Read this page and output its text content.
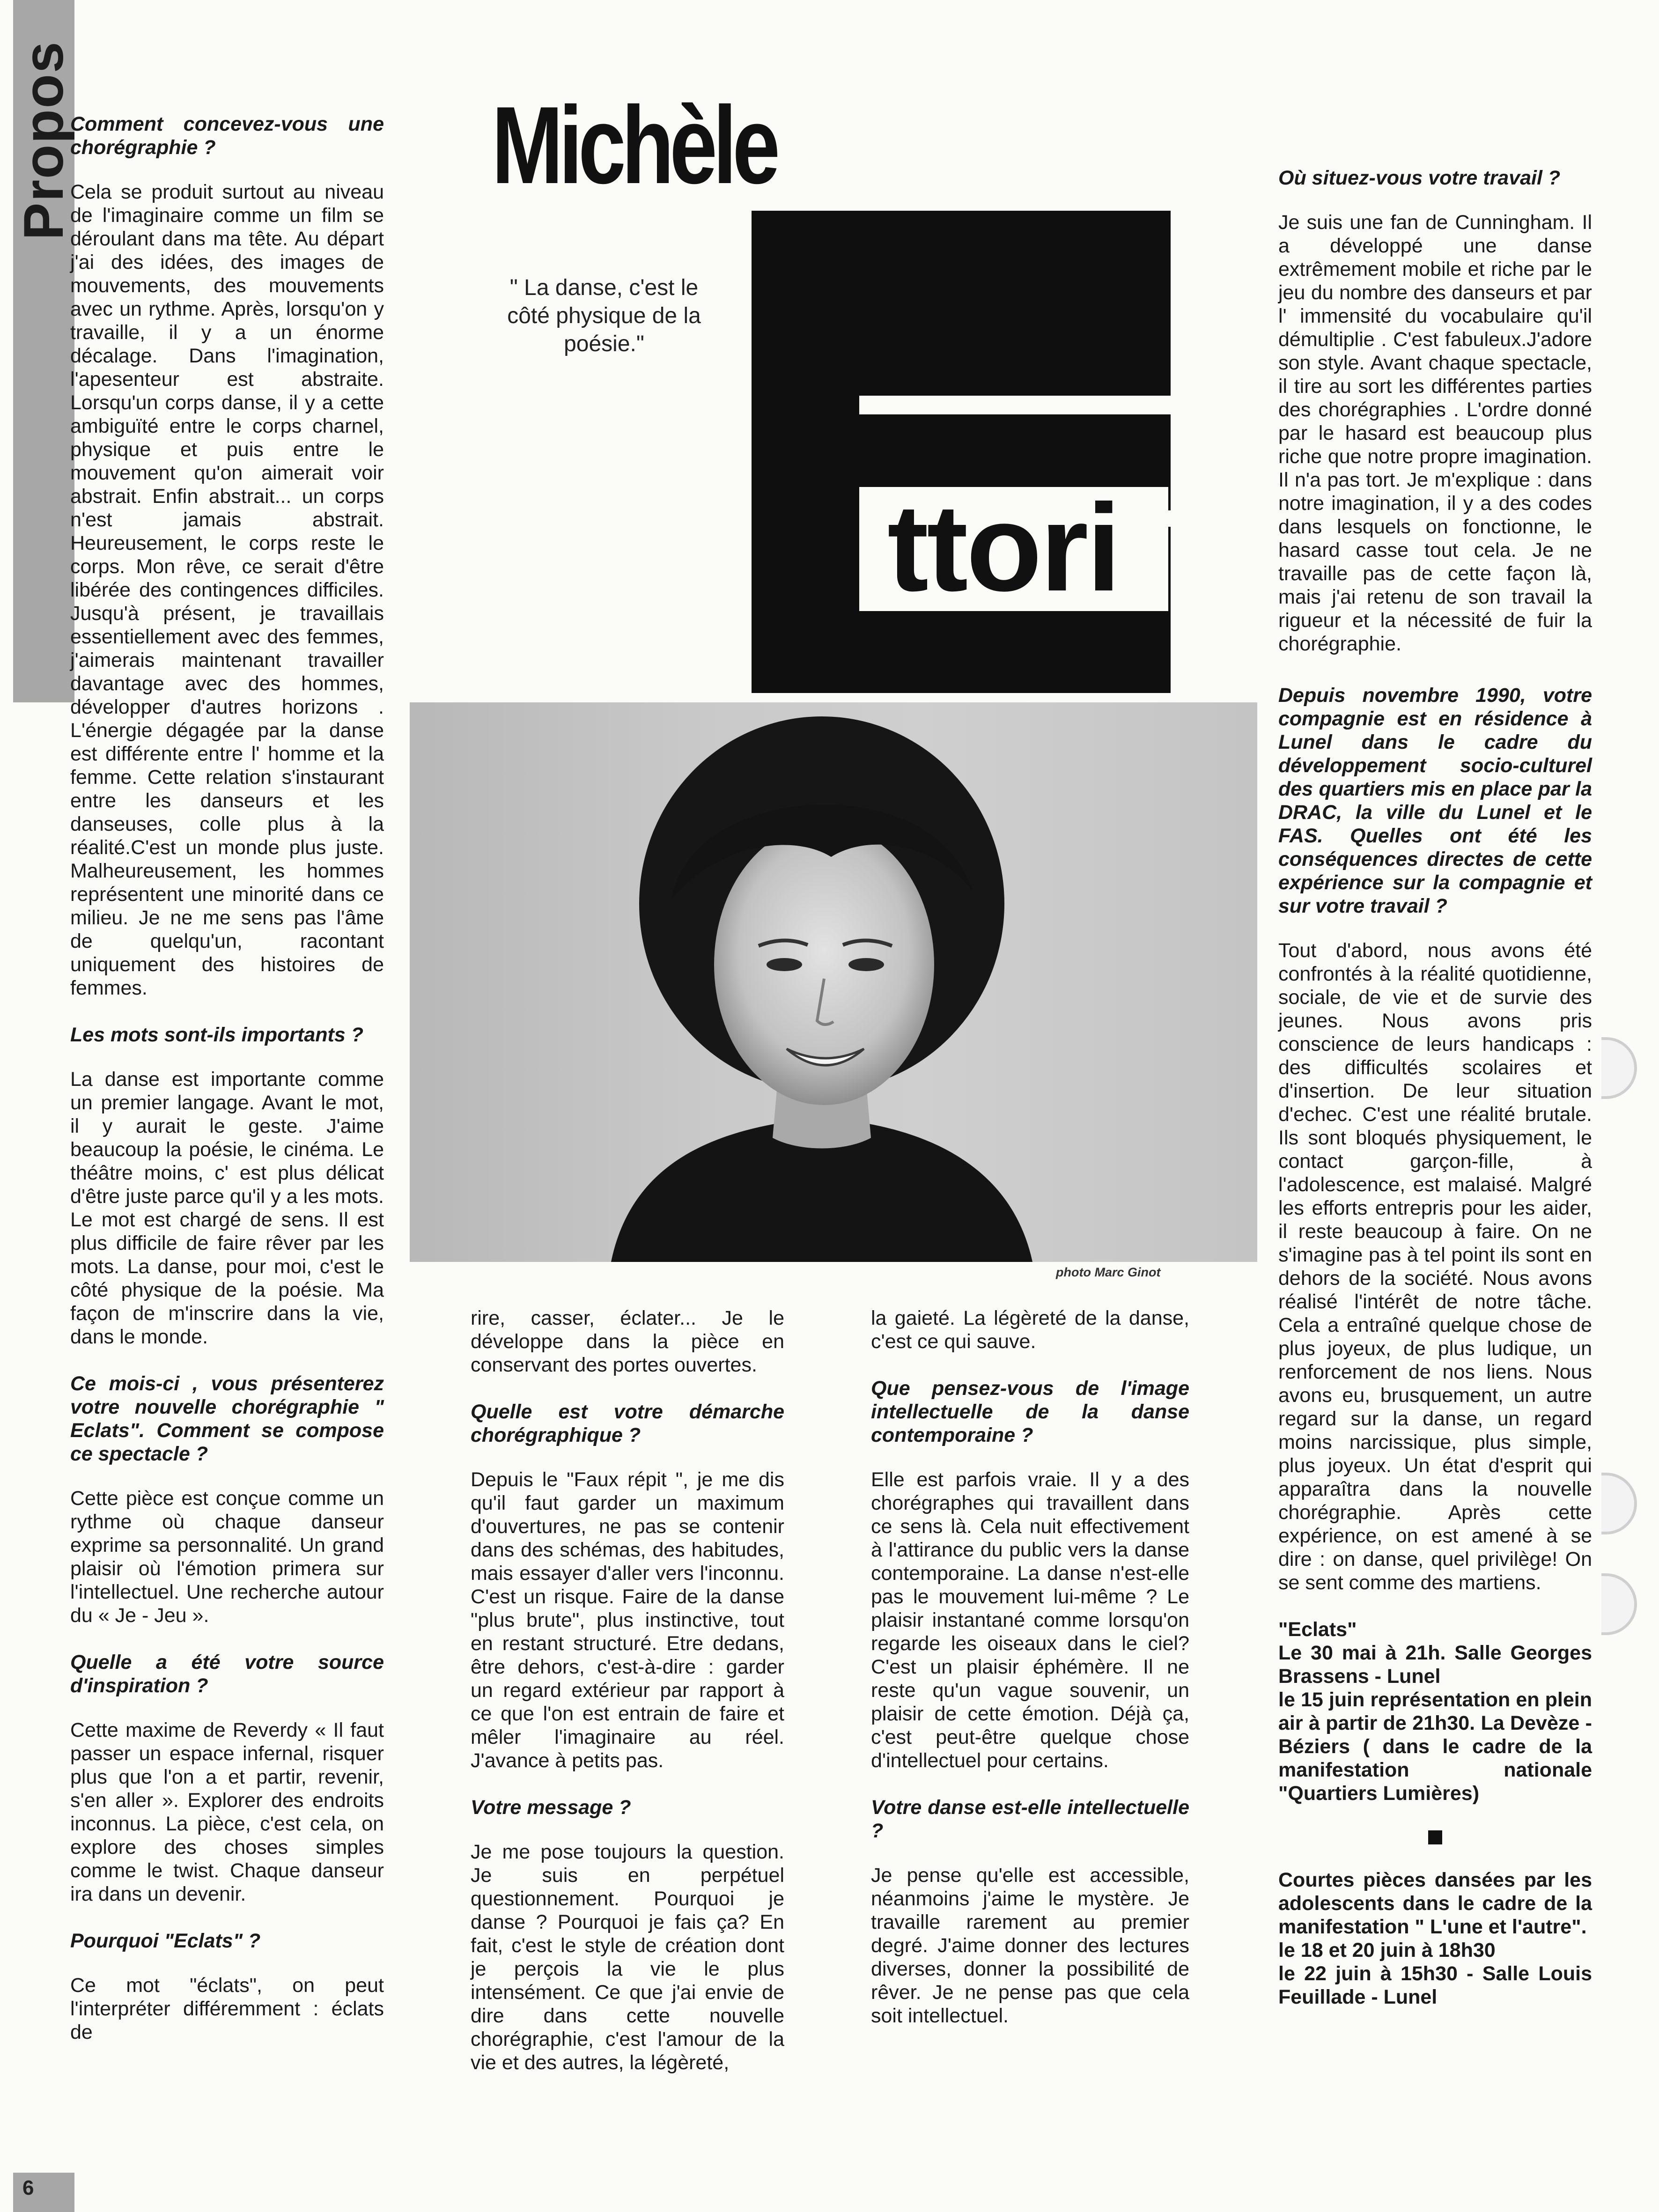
Propos	Michèle
ttori
" La danse, c'est le côté physique de la poésie."
photo Marc Ginot
Comment concevez-vous une chorégraphie ?
Cela se produit surtout au niveau de l'imaginaire comme un film se déroulant dans ma tête. Au départ j'ai des idées, des images de mouvements, des mouvements avec un rythme. Après, lorsqu'on y travaille, il y a un énorme décalage. Dans l'imagination, l'apesenteur est abstraite. Lorsqu'un corps danse, il y a cette ambiguïté entre le corps charnel, physique et puis entre le mouvement qu'on aimerait voir abstrait. Enfin abstrait... un corps n'est jamais abstrait. Heureusement, le corps reste le corps. Mon rêve, ce serait d'être libérée des contingences difficiles. Jusqu'à présent, je travaillais essentiellement avec des femmes, j'aimerais maintenant travailler davantage avec des hommes, développer d'autres horizons . L'énergie dégagée par la danse est différente entre l' homme et la femme. Cette relation s'instaurant entre les danseurs et les danseuses, colle plus à la réalité.C'est un monde plus juste. Malheureusement, les hommes représentent une minorité dans ce milieu. Je ne me sens pas l'âme de quelqu'un, racontant uniquement des histoires de femmes.
Les mots sont-ils importants ?
La danse est importante comme un premier langage. Avant le mot, il y aurait le geste. J'aime beaucoup la poésie, le cinéma. Le théâtre moins, c' est plus délicat d'être juste parce qu'il y a les mots. Le mot est chargé de sens. Il est plus difficile de faire rêver par les mots. La danse, pour moi, c'est le côté physique de la poésie. Ma façon de m'inscrire dans la vie, dans le monde.
Ce mois-ci , vous présenterez votre nouvelle chorégraphie " Eclats". Comment se compose ce spectacle ?
Cette pièce est conçue comme un rythme où chaque danseur exprime sa personnalité. Un grand plaisir où l'émotion primera sur l'intellectuel. Une recherche autour du « Je - Jeu ».
Quelle a été votre source d'inspiration ?
Cette maxime de Reverdy « Il faut passer un espace infernal, risquer plus que l'on a et partir, revenir, s'en aller ». Explorer des endroits inconnus. La pièce, c'est cela, on explore des choses simples comme le twist. Chaque danseur ira dans un devenir.
Pourquoi "Eclats" ?
Ce mot "éclats", on peut l'interpréter différemment : éclats de
rire, casser, éclater... Je le développe dans la pièce en conservant des portes ouvertes.
Quelle est votre démarche chorégraphique ?
Depuis le "Faux répit ", je me dis qu'il faut garder un maximum d'ouvertures, ne pas se contenir dans des schémas, des habitudes, mais essayer d'aller vers l'inconnu. C'est un risque. Faire de la danse "plus brute", plus instinctive, tout en restant structuré. Etre dedans, être dehors, c'est-à-dire : garder un regard extérieur par rapport à ce que l'on est entrain de faire et mêler l'imaginaire au réel. J'avance à petits pas.
Votre message ?
Je me pose toujours la question. Je suis en perpétuel questionnement. Pourquoi je danse ? Pourquoi je fais ça? En fait, c'est le style de création dont je perçois la vie le plus intensément. Ce que j'ai envie de dire dans cette nouvelle chorégraphie, c'est l'amour de la vie et des autres, la légèreté,
la gaieté. La légèreté de la danse, c'est ce qui sauve.
Que pensez-vous de l'image intellectuelle de la danse contemporaine ?
Elle est parfois vraie. Il y a des chorégraphes qui travaillent dans ce sens là. Cela nuit effectivement à l'attirance du public vers la danse contemporaine. La danse n'est-elle pas le mouvement lui-même ? Le plaisir instantané comme lorsqu'on regarde les oiseaux dans le ciel? C'est un plaisir éphémère. Il ne reste qu'un vague souvenir, un plaisir de cette émotion. Déjà ça, c'est peut-être quelque chose d'intellectuel pour certains.
Votre danse est-elle intellectuelle ?
Je pense qu'elle est accessible, néanmoins j'aime le mystère. Je travaille rarement au premier degré. J'aime donner des lectures diverses, donner la possibilité de rêver. Je ne pense pas que cela soit intellectuel.
Où situez-vous votre travail ?
Je suis une fan de Cunningham. Il a développé une danse extrêmement mobile et riche par le jeu du nombre des danseurs et par l' immensité du vocabulaire qu'il démultiplie . C'est fabuleux.J'adore son style. Avant chaque spectacle, il tire au sort les différentes parties des chorégraphies . L'ordre donné par le hasard est beaucoup plus riche que notre propre imagination. Il n'a pas tort. Je m'explique : dans notre imagination, il y a des codes dans lesquels on fonctionne, le hasard casse tout cela. Je ne travaille pas de cette façon là, mais j'ai retenu de son travail la rigueur et la nécessité de fuir la chorégraphie.
Depuis novembre 1990, votre compagnie est en résidence à Lunel dans le cadre du développement socio-culturel des quartiers mis en place par la DRAC, la ville du Lunel et le FAS. Quelles ont été les conséquences directes de cette expérience sur la compagnie et sur votre travail ?
Tout d'abord, nous avons été confrontés à la réalité quotidienne, sociale, de vie et de survie des jeunes. Nous avons pris conscience de leurs handicaps : des difficultés scolaires et d'insertion. De leur situation d'echec. C'est une réalité brutale. Ils sont bloqués physiquement, le contact garçon-fille, à l'adolescence, est malaisé. Malgré les efforts entrepris pour les aider, il reste beaucoup à faire. On ne s'imagine pas à tel point ils sont en dehors de la société. Nous avons réalisé l'intérêt de notre tâche. Cela a entraîné quelque chose de plus joyeux, de plus ludique, un renforcement de nos liens. Nous avons eu, brusquement, un autre regard sur la danse, un regard moins narcissique, plus simple, plus joyeux. Un état d'esprit qui apparaîtra dans la nouvelle chorégraphie. Après cette expérience, on est amené à se dire : on danse, quel privilège! On se sent comme des martiens.
"Eclats"
Le 30 mai à 21h. Salle Georges Brassens - Lunel
le 15 juin représentation en plein air à partir de 21h30. La Devèze - Béziers ( dans le cadre de la manifestation nationale "Quartiers Lumières)
Courtes pièces dansées par les adolescents dans le cadre de la manifestation " L'une et l'autre".
le 18 et 20 juin à 18h30
le 22 juin à 15h30 - Salle Louis Feuillade - Lunel
6
